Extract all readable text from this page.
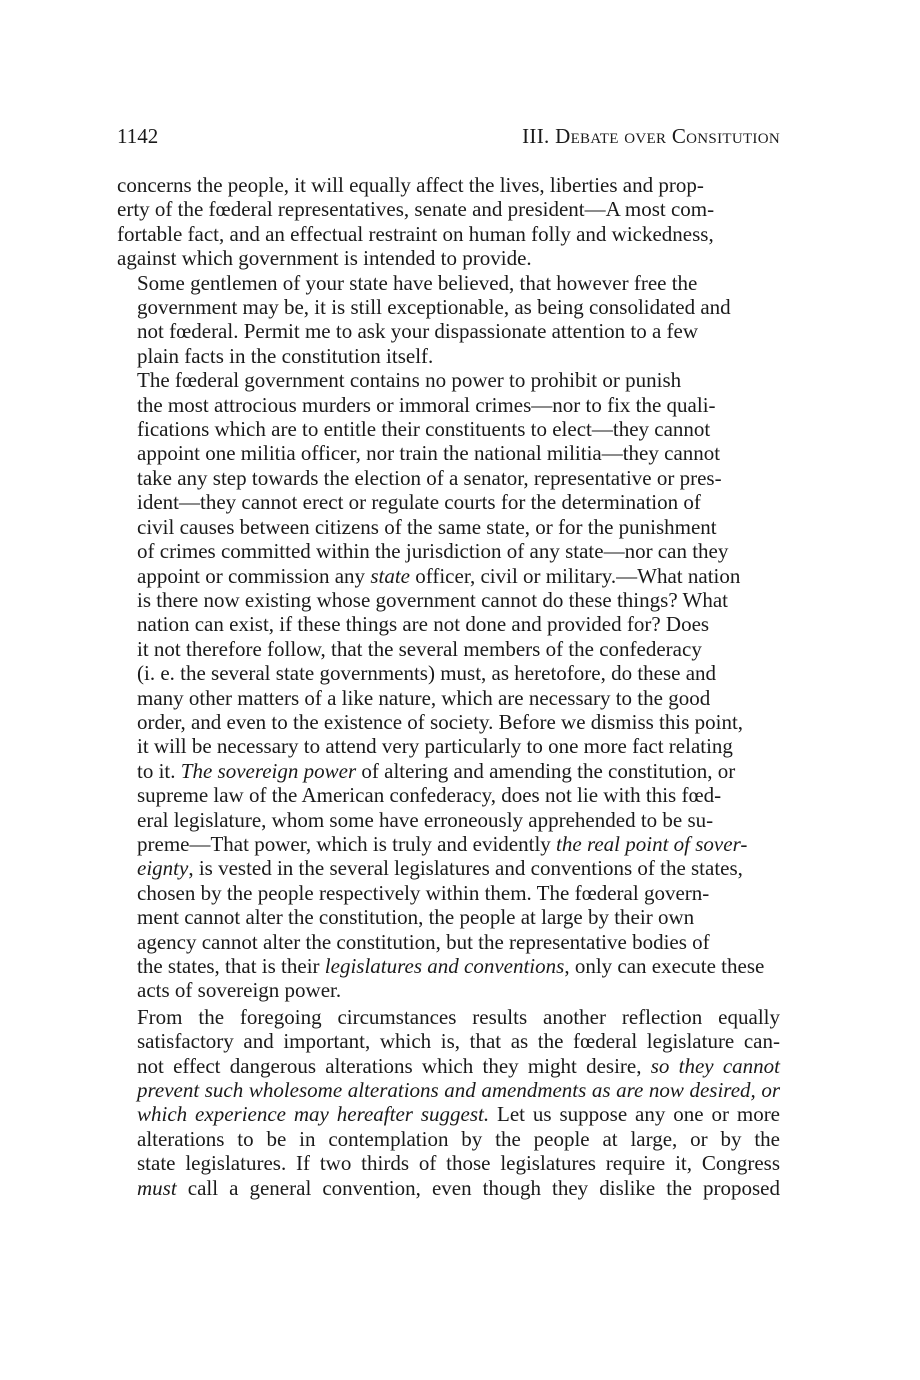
1142	III. Debate over Consitution

concerns the people, it will equally affect the lives, liberties and prop-
erty of the fœderal representatives, senate and president—A most com-
fortable fact, and an effectual restraint on human folly and wickedness,
against which government is intended to provide.

Some gentlemen of your state have believed, that however free the
government may be, it is still exceptionable, as being consolidated and
not fœderal. Permit me to ask your dispassionate attention to a few
plain facts in the constitution itself.

The fœderal government contains no power to prohibit or punish
the most attrocious murders or immoral crimes—nor to fix the quali-
fications which are to entitle their constituents to elect—they cannot
appoint one militia officer, nor train the national militia—they cannot
take any step towards the election of a senator, representative or pres-
ident—they cannot erect or regulate courts for the determination of
civil causes between citizens of the same state, or for the punishment
of crimes committed within the jurisdiction of any state—nor can they
appoint or commission any state officer, civil or military.—What nation
is there now existing whose government cannot do these things? What
nation can exist, if these things are not done and provided for? Does
it not therefore follow, that the several members of the confederacy
(i. e. the several state governments) must, as heretofore, do these and
many other matters of a like nature, which are necessary to the good
order, and even to the existence of society. Before we dismiss this point,
it will be necessary to attend very particularly to one more fact relating
to it. The sovereign power of altering and amending the constitution, or
supreme law of the American confederacy, does not lie with this fœd-
eral legislature, whom some have erroneously apprehended to be su-
preme—That power, which is truly and evidently the real point of sover-
eignty, is vested in the several legislatures and conventions of the states,
chosen by the people respectively within them. The fœderal govern-
ment cannot alter the constitution, the people at large by their own
agency cannot alter the constitution, but the representative bodies of
the states, that is their legislatures and conventions, only can execute these
acts of sovereign power.

From the foregoing circumstances results another reflection equally
satisfactory and important, which is, that as the fœderal legislature can-
not effect dangerous alterations which they might desire, so they cannot
prevent such wholesome alterations and amendments as are now desired, or
which experience may hereafter suggest. Let us suppose any one or more
alterations to be in contemplation by the people at large, or by the
state legislatures. If two thirds of those legislatures require it, Congress
must call a general convention, even though they dislike the proposed
